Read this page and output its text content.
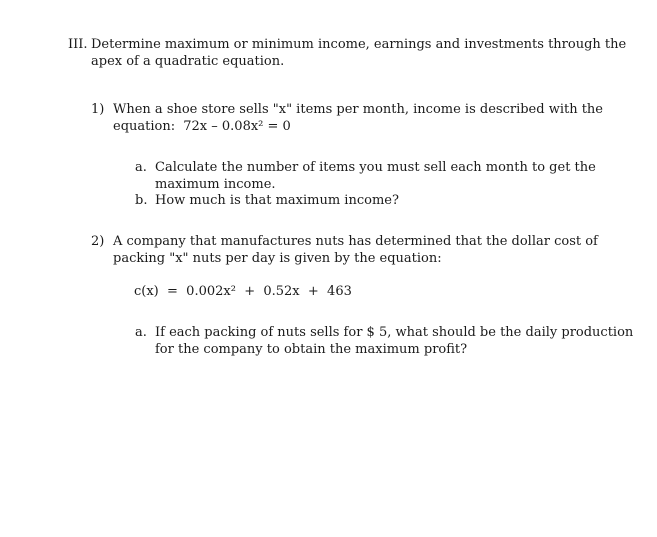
III. Determine maximum or minimum income, earnings and investments through the
apex of a quadratic equation.
1) When a shoe store sells "x" items per month, income is described with the
equation: 72x – 0.08x² = 0
a. Calculate the number of items you must sell each month to get the
maximum income.
b. How much is that maximum income?
2) A company that manufactures nuts has determined that the dollar cost of
packing "x" nuts per day is given by the equation:
c(x)  =  0.002x²  +  0.52x  +  463
a. If each packing of nuts sells for $ 5, what should be the daily production
for the company to obtain the maximum profit?
